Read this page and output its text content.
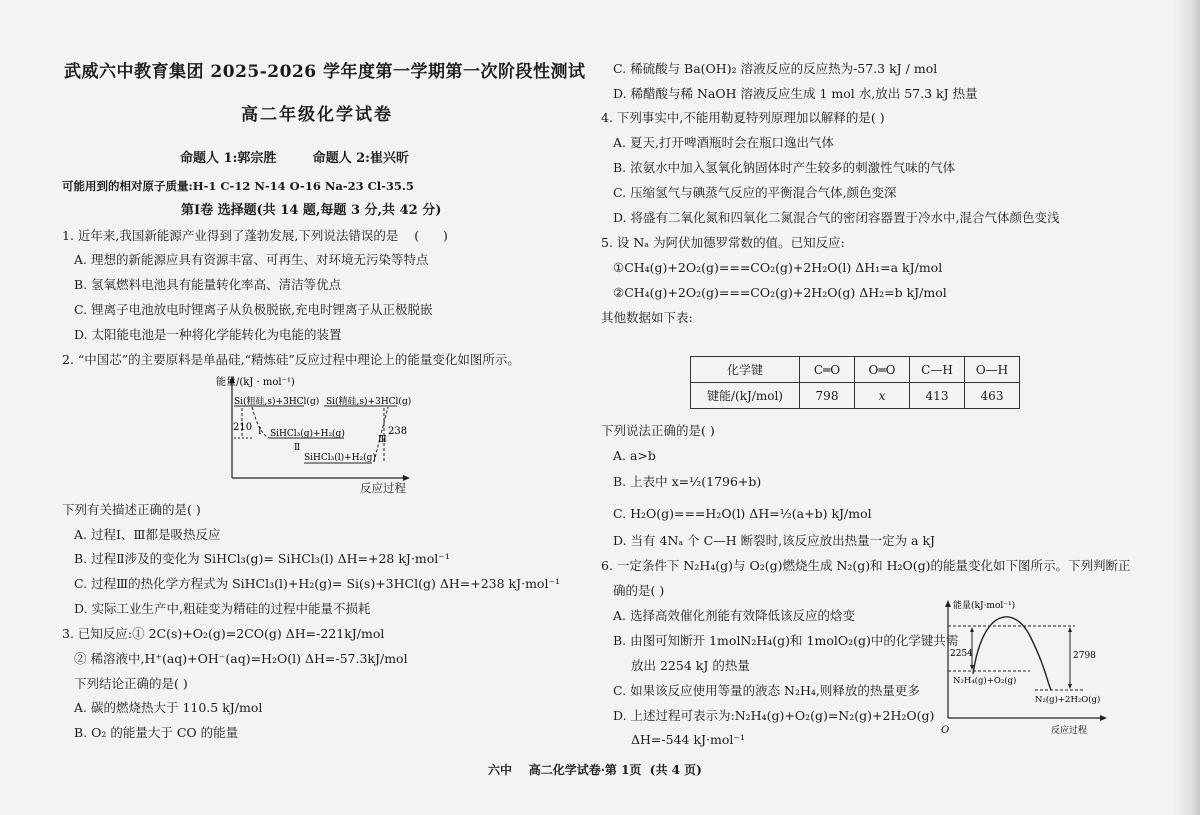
武威六中教育集团 2025-2026 学年度第一学期第一次阶段性测试
高二年级化学试卷
命题人 1:郭宗胜        命题人 2:崔兴昕
可能用到的相对原子质量:H-1 C-12 N-14 O-16 Na-23 Cl-35.5
第Ⅰ卷 选择题(共 14 题,每题 3 分,共 42 分)
1. 近年来,我国新能源产业得到了蓬勃发展,下列说法错误的是    (      )
A. 理想的新能源应具有资源丰富、可再生、对环境无污染等特点
B. 氢氧燃料电池具有能量转化率高、清洁等优点
C. 锂离子电池放电时锂离子从负极脱嵌,充电时锂离子从正极脱嵌
D. 太阳能电池是一种将化学能转化为电能的装置
2. “中国芯”的主要原料是单晶硅,“精炼硅”反应过程中理论上的能量变化如图所示。
能量/(kJ · mol⁻¹)
Si(粗硅,s)+3HCl(g) Si(精硅,s)+3HCl(g)
Ⅰ SiHCl₃(g)+H₂(g)
Ⅱ
SiHCl₃(l)+H₂(g)
Ⅲ
210	238
反应过程
下列有关描述正确的是( )
A. 过程Ⅰ、Ⅲ都是吸热反应
B. 过程Ⅱ涉及的变化为 SiHCl₃(g)= SiHCl₃(l) ΔH=+28 kJ·mol⁻¹
C. 过程Ⅲ的热化学方程式为 SiHCl₃(l)+H₂(g)= Si(s)+3HCl(g) ΔH=+238 kJ·mol⁻¹
D. 实际工业生产中,粗硅变为精硅的过程中能量不损耗
3. 已知反应:① 2C(s)+O₂(g)=2CO(g) ΔH=-221kJ/mol
② 稀溶液中,H⁺(aq)+OH⁻(aq)=H₂O(l) ΔH=-57.3kJ/mol
下列结论正确的是( )
A. 碳的燃烧热大于 110.5 kJ/mol
B. O₂ 的能量大于 CO 的能量
C. 稀硫酸与 Ba(OH)₂ 溶液反应的反应热为-57.3 kJ / mol
D. 稀醋酸与稀 NaOH 溶液反应生成 1 mol 水,放出 57.3 kJ 热量
4. 下列事实中,不能用勒夏特列原理加以解释的是( )
A. 夏天,打开啤酒瓶时会在瓶口逸出气体
B. 浓氨水中加入氢氧化钠固体时产生较多的刺激性气味的气体
C. 压缩氢气与碘蒸气反应的平衡混合气体,颜色变深
D. 将盛有二氧化氮和四氧化二氮混合气的密闭容器置于冷水中,混合气体颜色变浅
5. 设 Nₐ 为阿伏加德罗常数的值。已知反应:
①CH₄(g)+2O₂(g)===CO₂(g)+2H₂O(l) ΔH₁=a kJ/mol
②CH₄(g)+2O₂(g)===CO₂(g)+2H₂O(g) ΔH₂=b kJ/mol
其他数据如下表:
化学键	C═O	O═O	C—H	O—H
键能/(kJ/mol)	798	x	413	463
下列说法正确的是( )
A. a>b
B. 上表中 x=½(1796+b)
C. H₂O(g)===H₂O(l) ΔH=½(a+b) kJ/mol
D. 当有 4Nₐ 个 C—H 断裂时,该反应放出热量一定为 a kJ
6. 一定条件下 N₂H₄(g)与 O₂(g)燃烧生成 N₂(g)和 H₂O(g)的能量变化如下图所示。下列判断正
确的是( )
A. 选择高效催化剂能有效降低该反应的焓变
B. 由图可知断开 1molN₂H₄(g)和 1molO₂(g)中的化学键共需
放出 2254 kJ 的热量
C. 如果该反应使用等量的液态 N₂H₄,则释放的热量更多
D. 上述过程可表示为:N₂H₄(g)+O₂(g)=N₂(g)+2H₂O(g)
ΔH=-544 kJ·mol⁻¹
能量(kJ·mol⁻¹)
O
2254	2798
N₂H₄(g)+O₂(g)
N₂(g)+2H₂O(g)
反应过程
六中    高二化学试卷·第 1页  (共 4 页)
